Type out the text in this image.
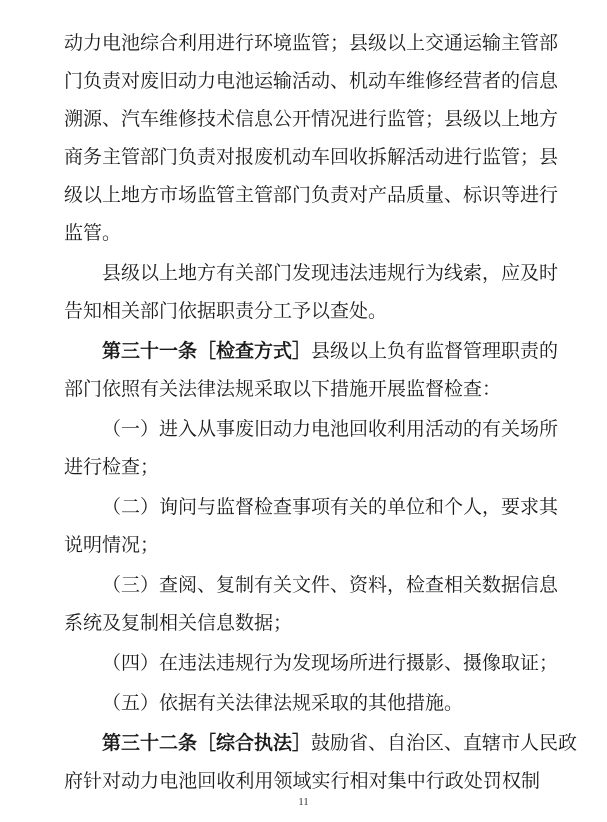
动力电池综合利用进行环境监管；县级以上交通运输主管部
门负责对废旧动力电池运输活动、机动车维修经营者的信息
溯源、汽车维修技术信息公开情况进行监管；县级以上地方
商务主管部门负责对报废机动车回收拆解活动进行监管；县
级以上地方市场监管主管部门负责对产品质量、标识等进行
监管。
县级以上地方有关部门发现违法违规行为线索，应及时
告知相关部门依据职责分工予以查处。
第三十一条［检查方式］县级以上负有监督管理职责的
部门依照有关法律法规采取以下措施开展监督检查：
（一）进入从事废旧动力电池回收利用活动的有关场所
进行检查；
（二）询问与监督检查事项有关的单位和个人，要求其
说明情况；
（三）查阅、复制有关文件、资料，检查相关数据信息
系统及复制相关信息数据；
（四）在违法违规行为发现场所进行摄影、摄像取证；
（五）依据有关法律法规采取的其他措施。
第三十二条［综合执法］鼓励省、自治区、直辖市人民政
府针对动力电池回收利用领域实行相对集中行政处罚权制
11
